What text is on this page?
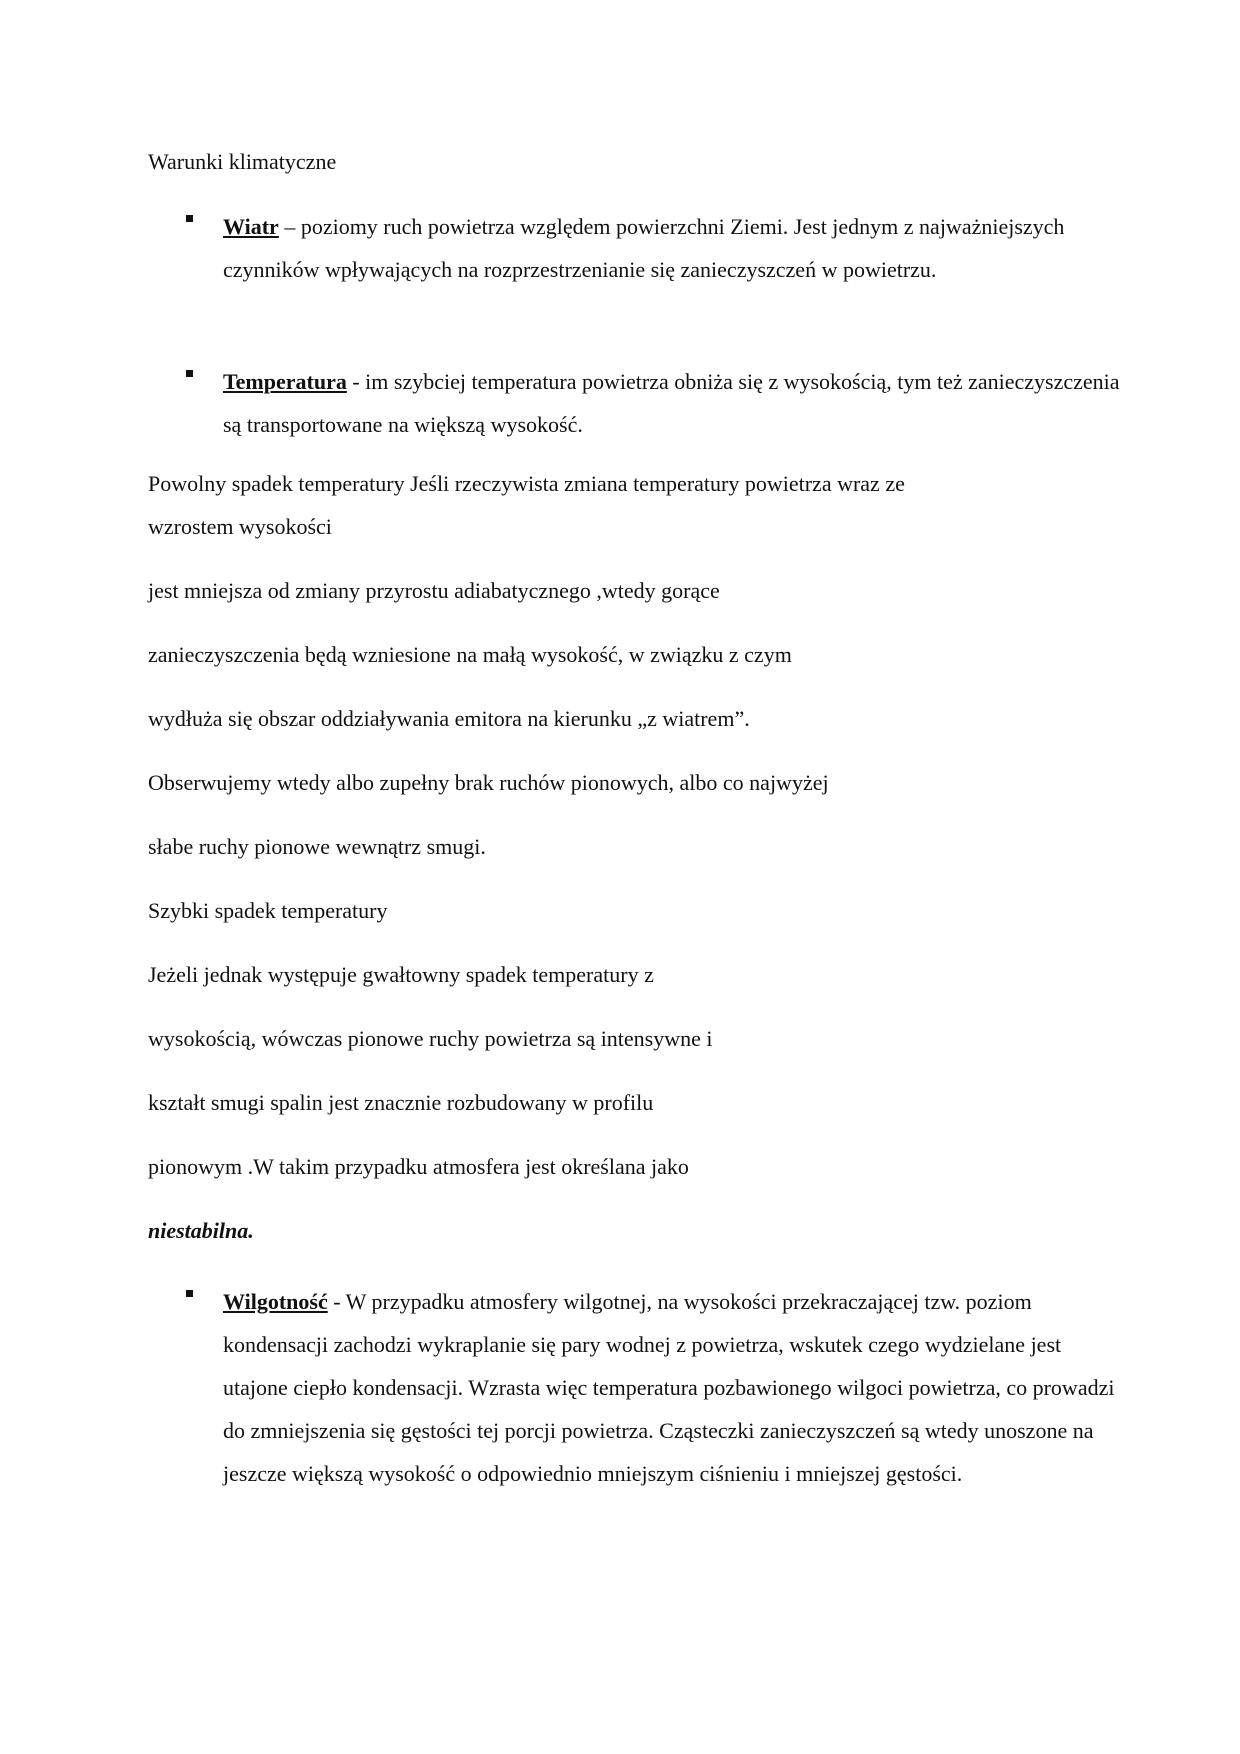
Warunki klimatyczne
Wiatr – poziomy ruch powietrza względem powierzchni Ziemi. Jest jednym z najważniejszych czynników wpływających na rozprzestrzenianie się zanieczyszczeń w powietrzu.
Temperatura - im szybciej temperatura powietrza obniża się z wysokością, tym też zanieczyszczenia są transportowane na większą wysokość.
Powolny spadek temperatury Jeśli rzeczywista zmiana temperatury powietrza wraz ze
wzrostem wysokości
jest mniejsza od zmiany przyrostu adiabatycznego ,wtedy gorące
zanieczyszczenia będą wzniesione na małą wysokość, w związku z czym
wydłuża się obszar oddziaływania emitora na kierunku „z wiatrem”.
Obserwujemy wtedy albo zupełny brak ruchów pionowych, albo co najwyżej
słabe ruchy pionowe wewnątrz smugi.
Szybki spadek temperatury
Jeżeli jednak występuje gwałtowny spadek temperatury z
wysokością, wówczas pionowe ruchy powietrza są intensywne i
kształt smugi spalin jest znacznie rozbudowany w profilu
pionowym .W takim przypadku atmosfera jest określana jako
niestabilna.
Wilgotność - W przypadku atmosfery wilgotnej, na wysokości przekraczającej tzw. poziom kondensacji zachodzi wykraplanie się pary wodnej z powietrza, wskutek czego wydzielane jest utajone ciepło kondensacji. Wzrasta więc temperatura pozbawionego wilgoci powietrza, co prowadzi do zmniejszenia się gęstości tej porcji powietrza. Cząsteczki zanieczyszczeń są wtedy unoszone na jeszcze większą wysokość o odpowiednio mniejszym ciśnieniu i mniejszej gęstości.
